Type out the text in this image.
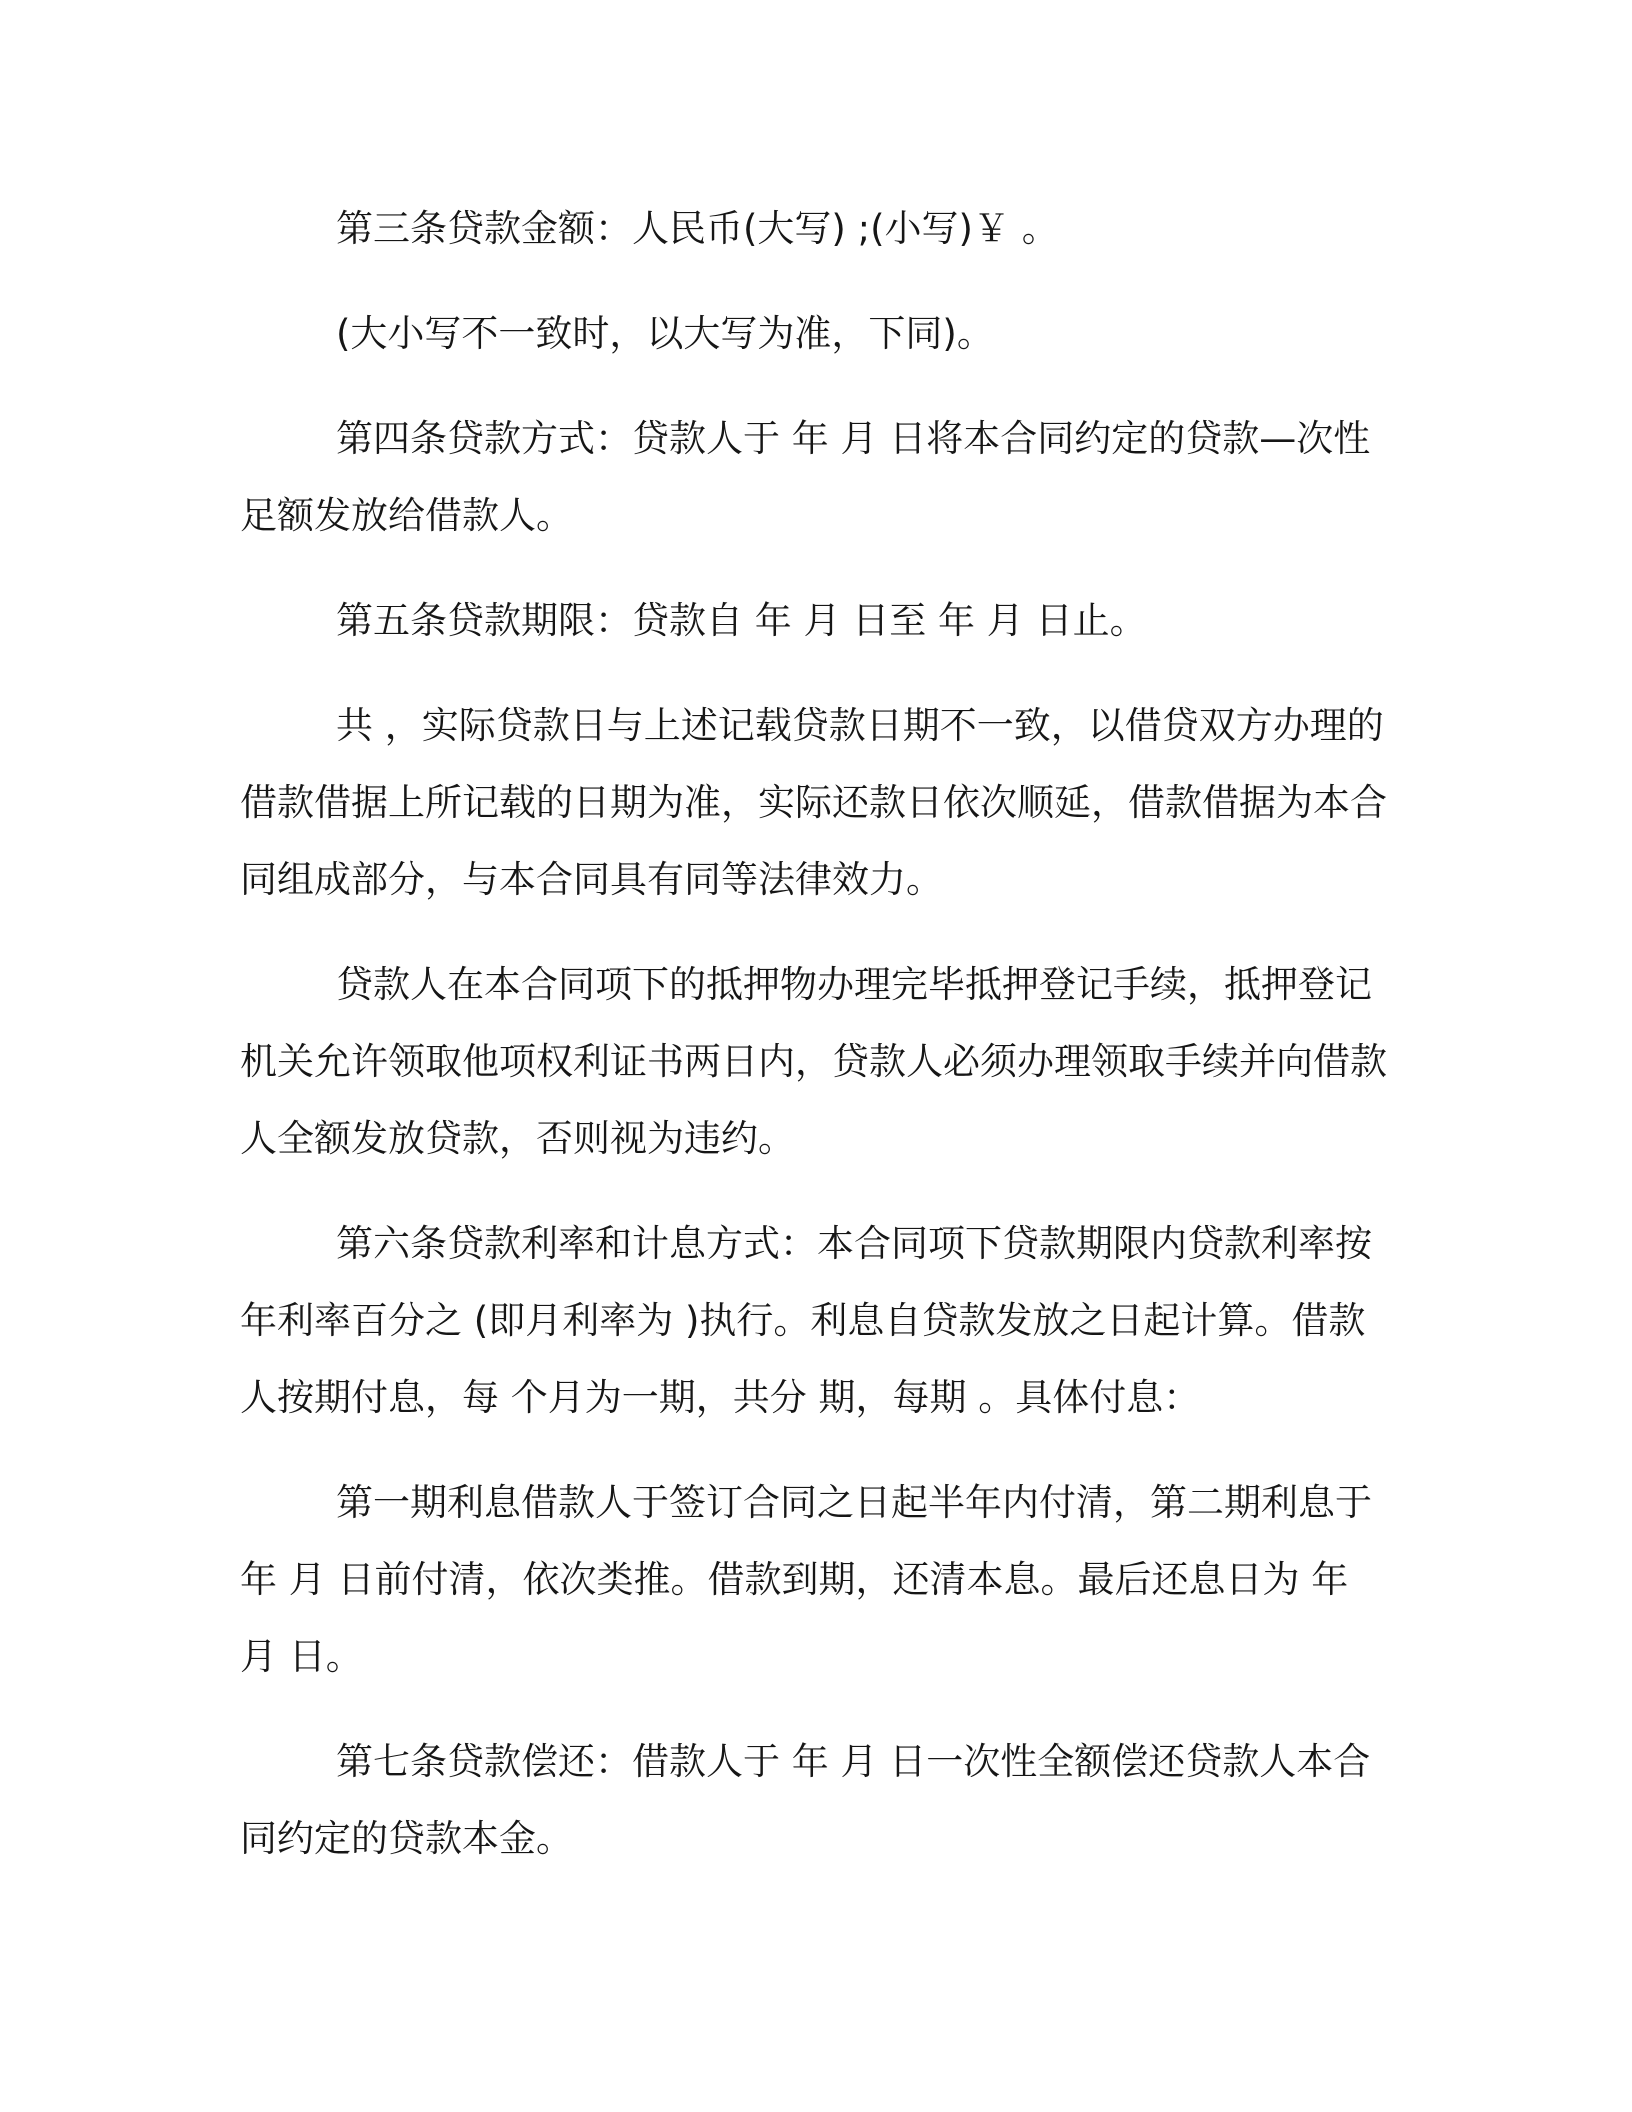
第三条贷款金额：人民币(大写) ;(小写)￥ 。

(大小写不一致时，以大写为准，下同)。

第四条贷款方式：贷款人于 年 月 日将本合同约定的贷款—次性足额发放给借款人。

第五条贷款期限：贷款自 年 月 日至 年 月 日止。

共 ，实际贷款日与上述记载贷款日期不一致，以借贷双方办理的借款借据上所记载的日期为准，实际还款日依次顺延，借款借据为本合同组成部分，与本合同具有同等法律效力。

贷款人在本合同项下的抵押物办理完毕抵押登记手续，抵押登记机关允许领取他项权利证书两日内，贷款人必须办理领取手续并向借款人全额发放贷款，否则视为违约。

第六条贷款利率和计息方式：本合同项下贷款期限内贷款利率按年利率百分之 (即月利率为 )执行。利息自贷款发放之日起计算。借款人按期付息，每 个月为一期，共分 期，每期 。具体付息：

第一期利息借款人于签订合同之日起半年内付清，第二期利息于 年 月 日前付清，依次类推。借款到期，还清本息。最后还息日为 年 月 日。

第七条贷款偿还：借款人于 年 月 日一次性全额偿还贷款人本合同约定的贷款本金。
